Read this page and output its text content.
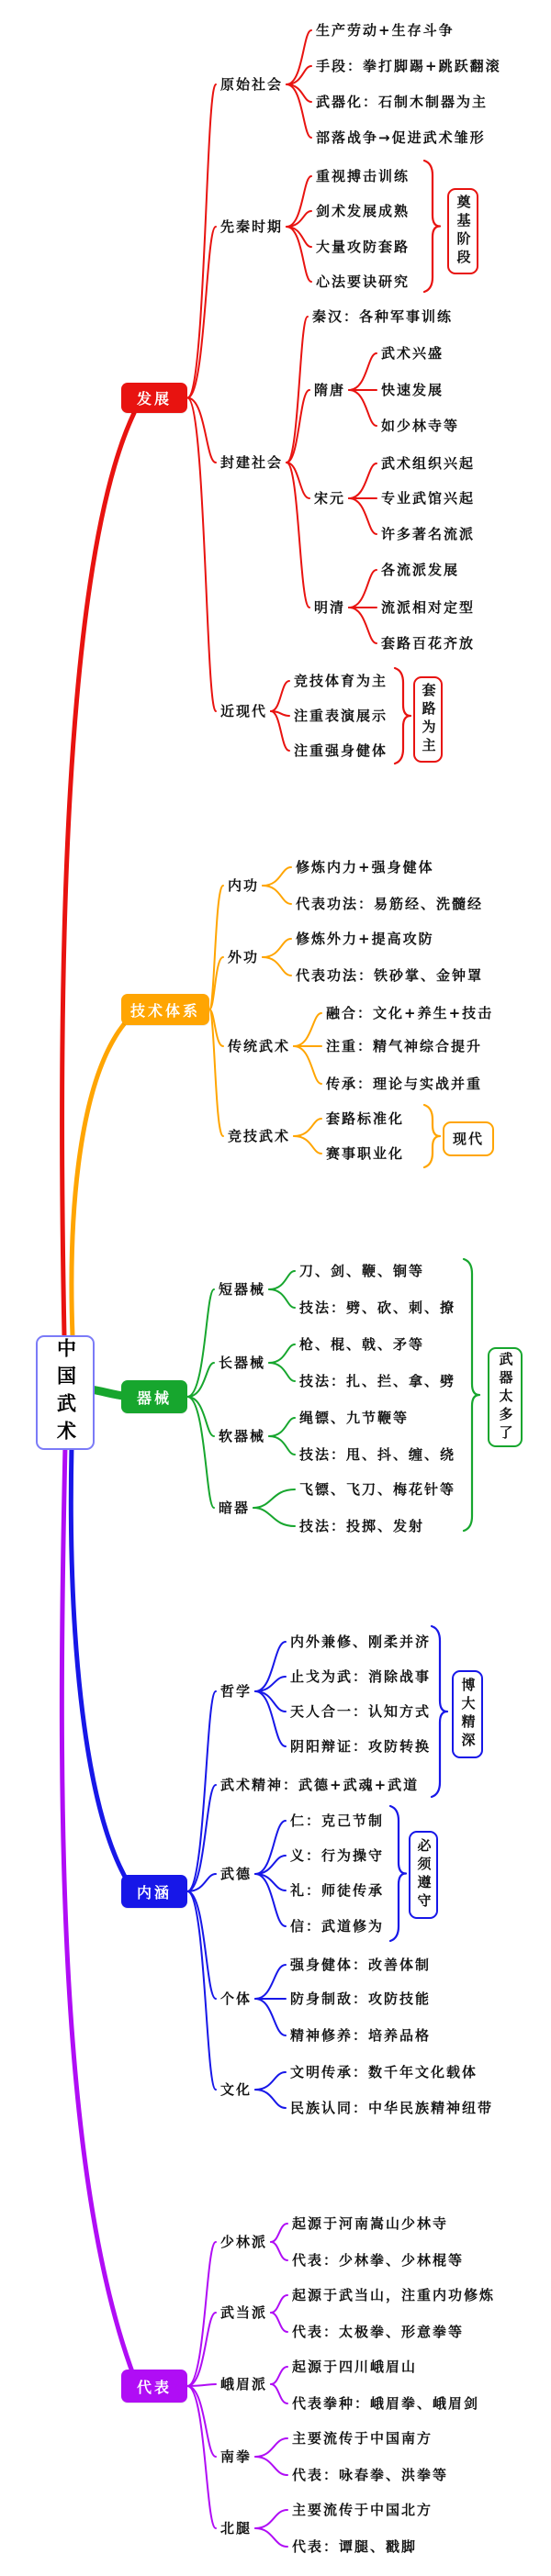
中国武术
发展
原始社会
生产劳动+生存斗争
手段：拳打脚踢+跳跃翻滚
武器化：石制木制器为主
部落战争→促进武术雏形
先秦时期
重视搏击训练
剑术发展成熟
大量攻防套路
心法要诀研究
奠基阶段
封建社会
秦汉：各种军事训练
隋唐
武术兴盛
快速发展
如少林寺等
宋元
武术组织兴起
专业武馆兴起
许多著名流派
明清
各流派发展
流派相对定型
套路百花齐放
近现代
竞技体育为主
注重表演展示
注重强身健体 套路为主
技术体系
内功
修炼内力+强身健体
代表功法：易筋经、洗髓经
外功
修炼外力+提高攻防
代表功法：铁砂掌、金钟罩
传统武术
融合：文化+养生+技击
注重：精气神综合提升
传承：理论与实战并重
竞技武术
套路标准化
赛事职业化
现代
器械
短器械
刀、剑、鞭、锏等
技法：劈、砍、刺、撩
长器械
枪、棍、戟、矛等
技法：扎、拦、拿、劈
软器械
绳镖、九节鞭等
技法：甩、抖、缠、绕
暗器
飞镖、飞刀、梅花针等
技法：投掷、发射
武器太多了
内涵
哲学
内外兼修、刚柔并济
止戈为武：消除战事
天人合一：认知方式
阴阳辩证：攻防转换 博大精深
武术精神：武德+武魂+武道
武德
仁：克己节制
义：行为操守
礼：师徒传承
信：武道修为
必须遵守
个体
强身健体：改善体制
防身制敌：攻防技能
精神修养：培养品格
文化
文明传承：数千年文化载体
民族认同：中华民族精神纽带
代表
少林派
起源于河南嵩山少林寺
代表：少林拳、少林棍等
武当派
起源于武当山，注重内功修炼
代表：太极拳、形意拳等
峨眉派
起源于四川峨眉山
代表拳种：峨眉拳、峨眉剑
南拳
主要流传于中国南方
代表：咏春拳、洪拳等
北腿
主要流传于中国北方
代表：谭腿、戳脚
